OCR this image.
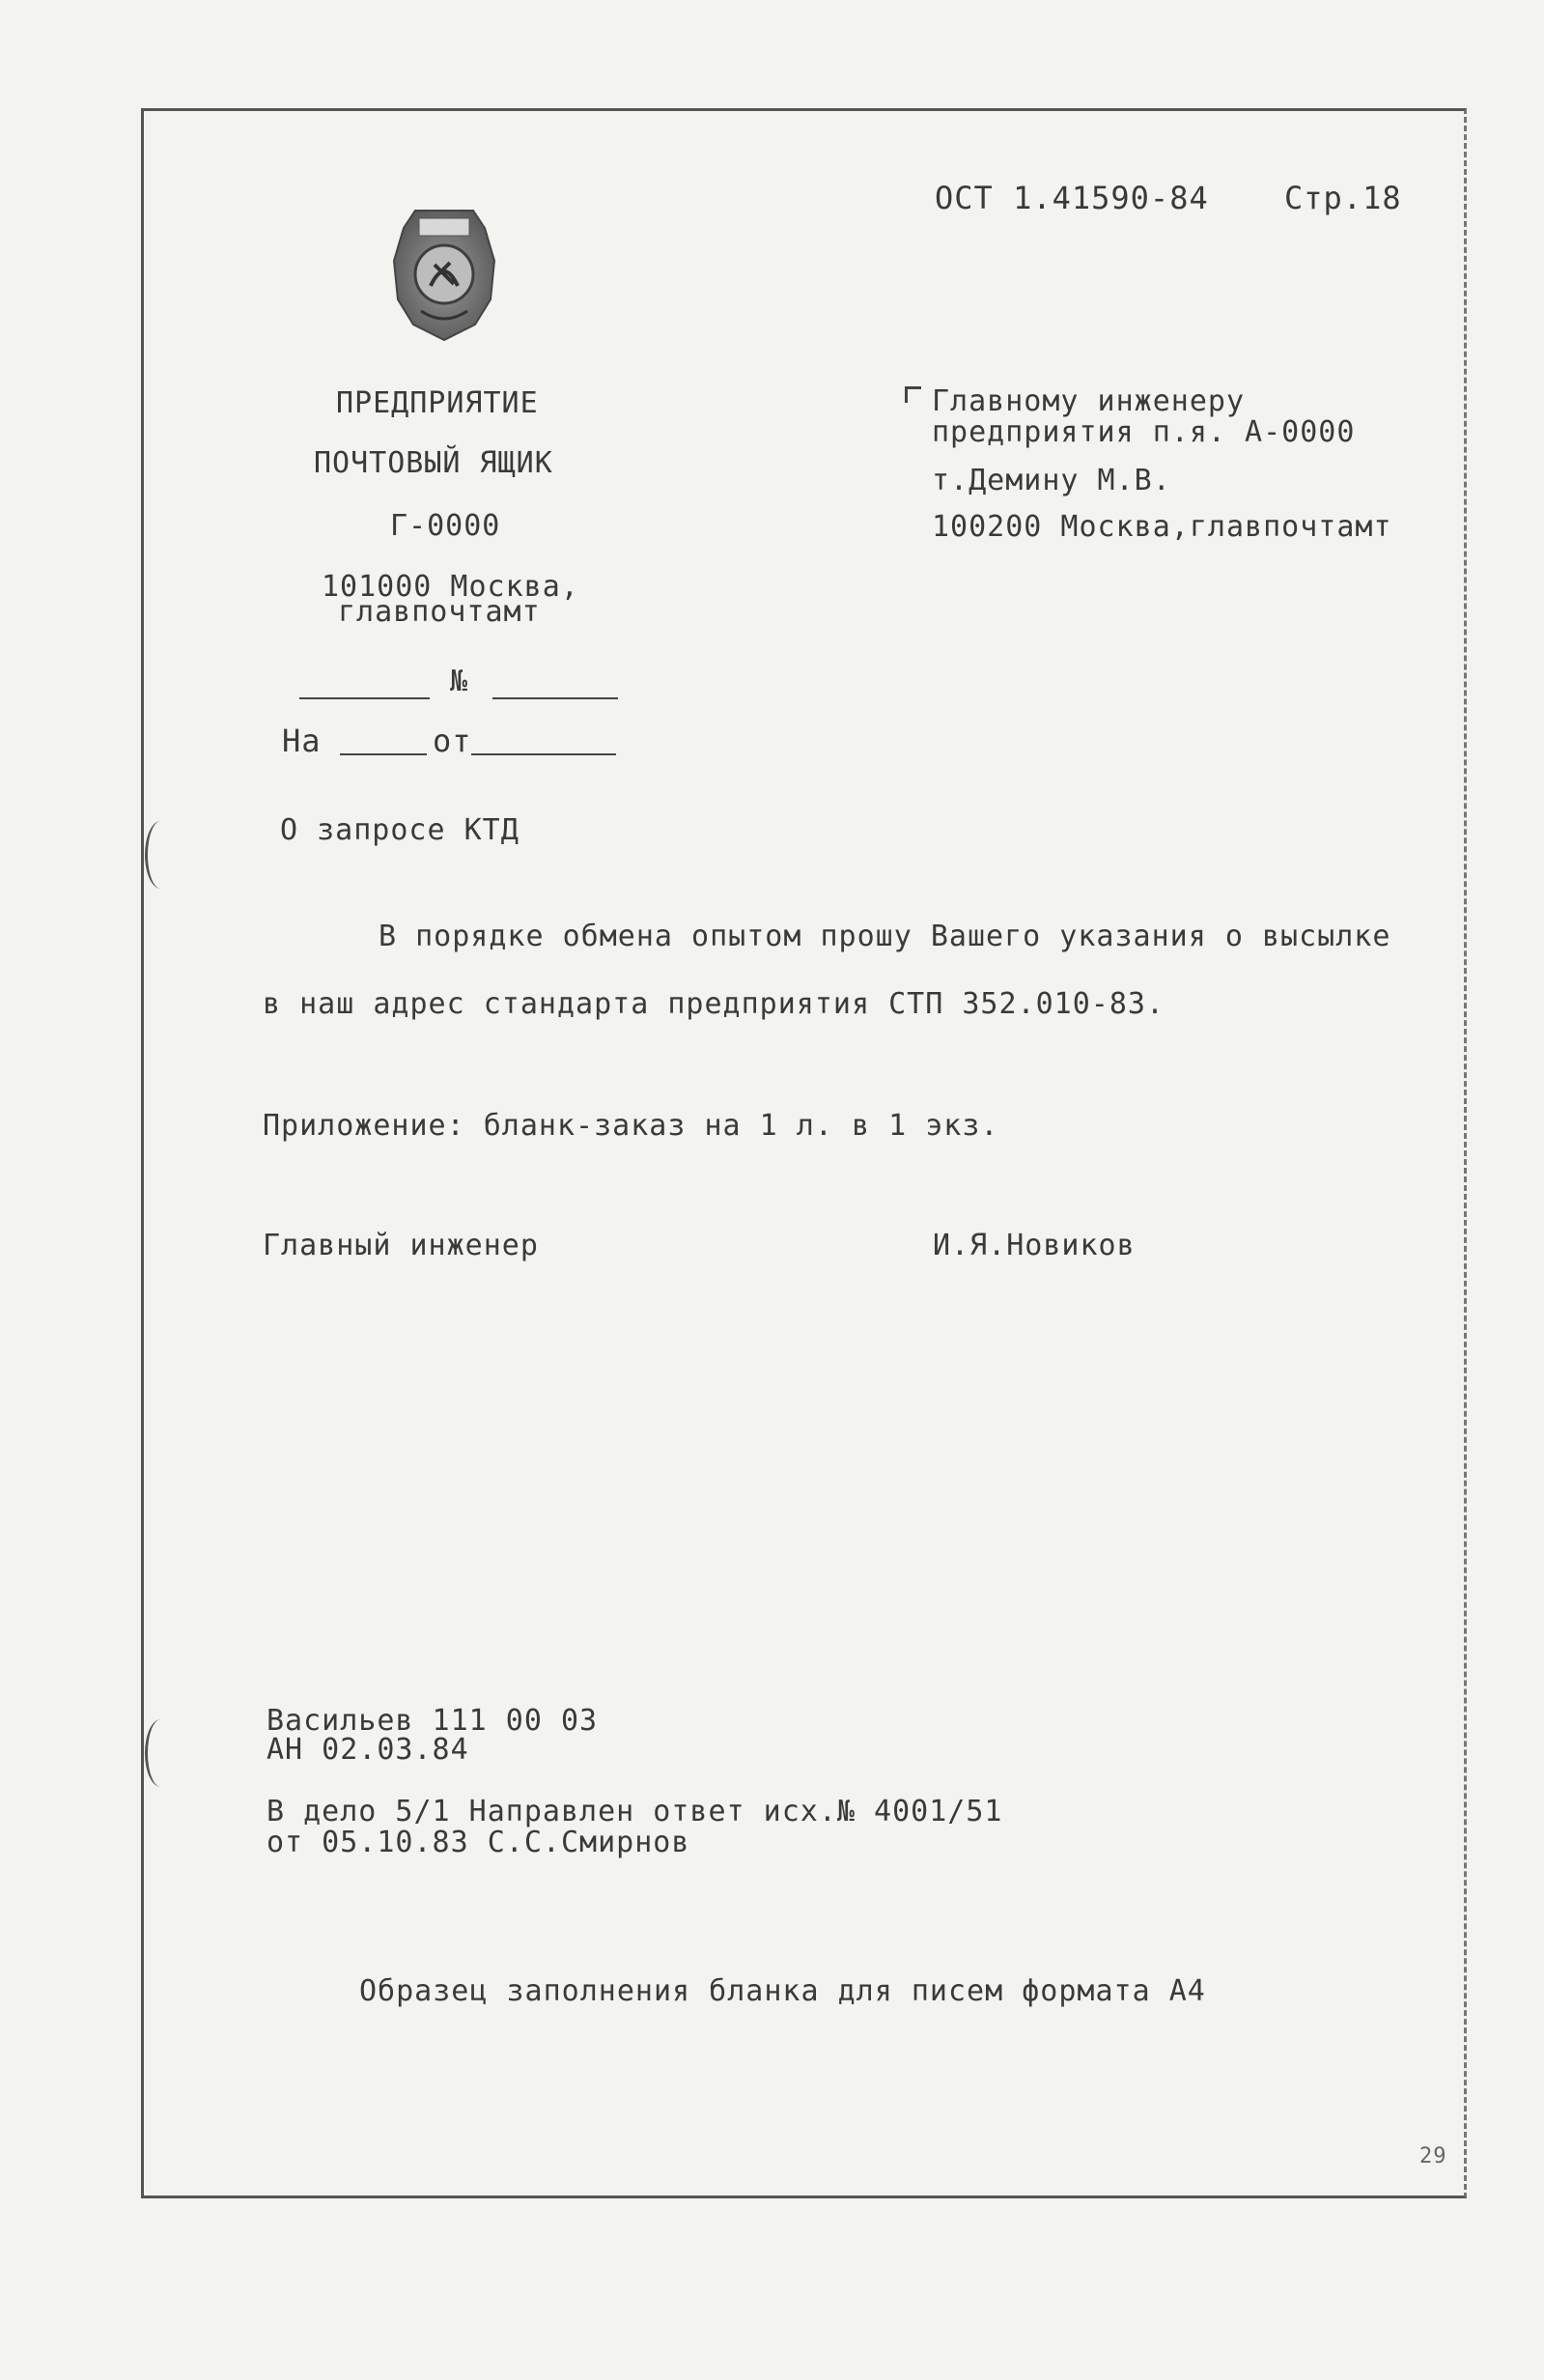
ОСТ 1.41590-84 Стр.18
ПРЕДПРИЯТИЕ
ПОЧТОВЫЙ ЯЩИК
Г-0000
101000 Москва,
главпочтамт
№
На	от
Главному инженеру
предприятия п.я. А-0000
т.Демину М.В.
100200 Москва,главпочтамт
О запросе КТД
В порядке обмена опытом прошу Вашего указания о высылке
в наш адрес стандарта предприятия СТП 352.010-83.
Приложение: бланк-заказ на 1 л. в 1 экз.
Главный инженер	И.Я.Новиков
Васильев 111 00 03
АН 02.03.84
В дело 5/1 Направлен ответ исх.№ 4001/51
от 05.10.83 С.С.Смирнов
Образец заполнения бланка для писем формата А4
29
